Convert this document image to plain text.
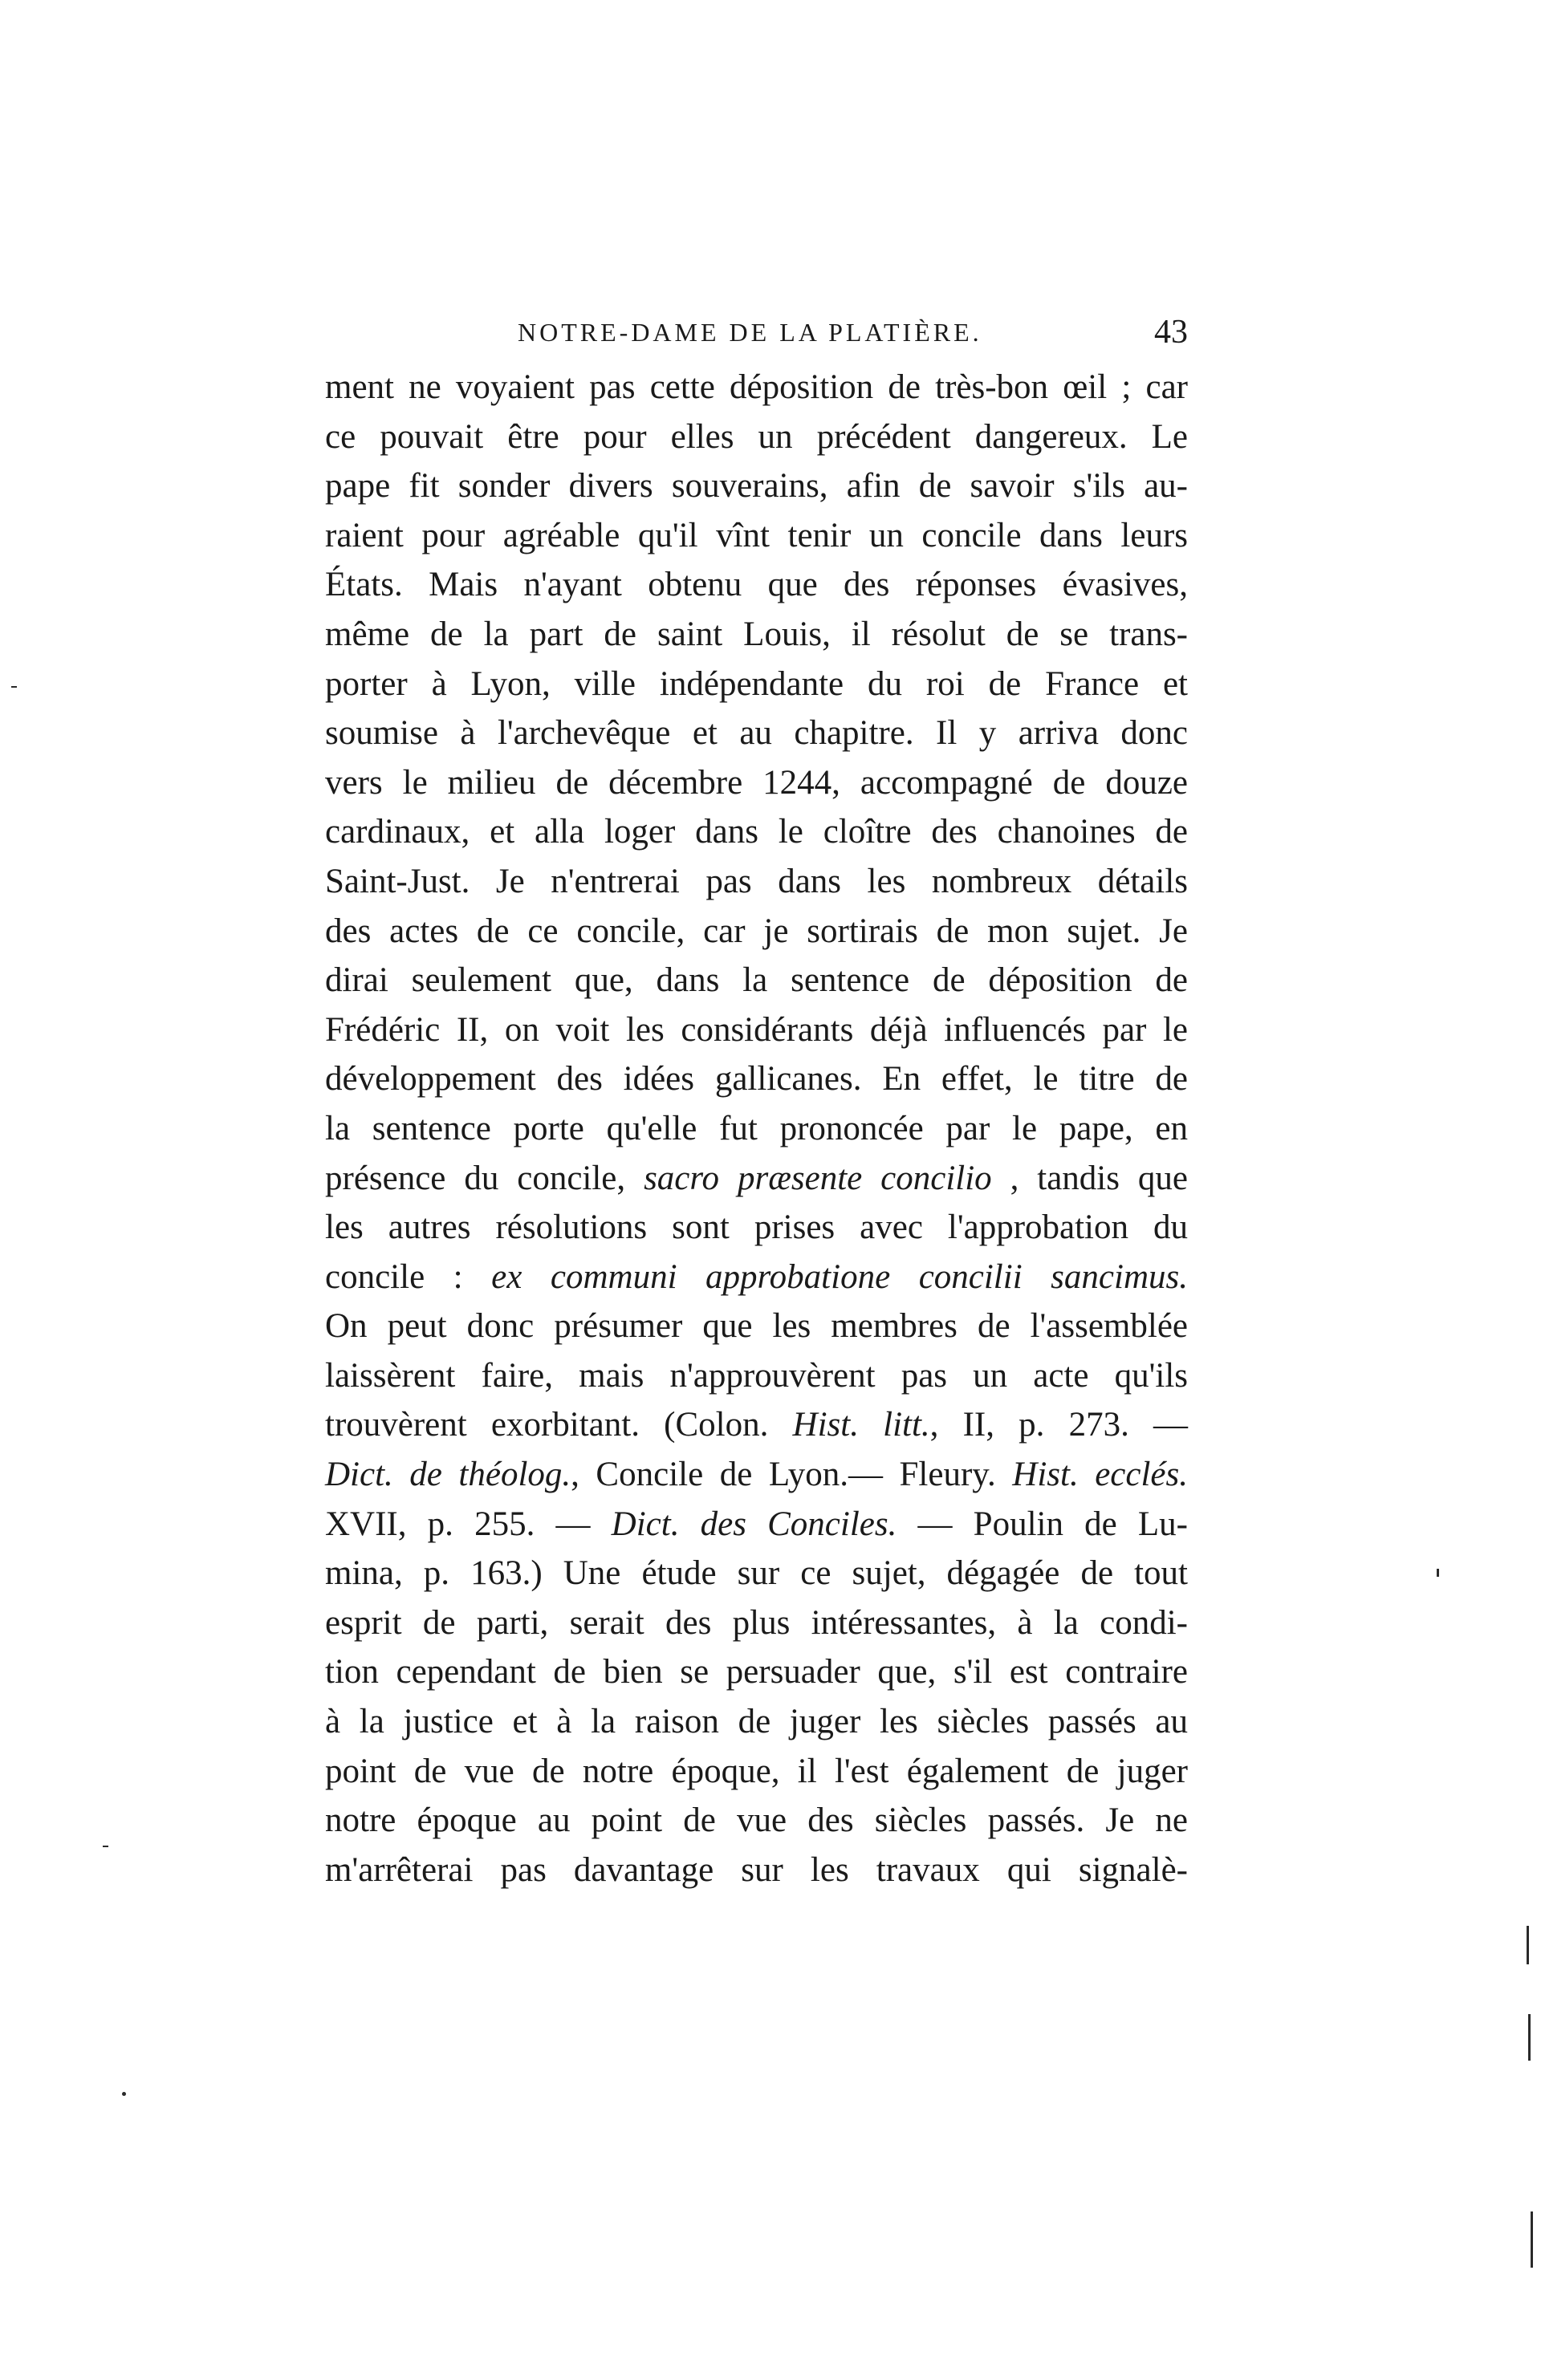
NOTRE-DAME DE LA PLATIÈRE.	43
ment ne voyaient pas cette déposition de très-bon œil ; car
ce pouvait être pour elles un précédent dangereux. Le
pape fit sonder divers souverains, afin de savoir s'ils au-
raient pour agréable qu'il vînt tenir un concile dans leurs
États. Mais n'ayant obtenu que des réponses évasives,
même de la part de saint Louis, il résolut de se trans-
porter à Lyon, ville indépendante du roi de France et
soumise à l'archevêque et au chapitre. Il y arriva donc
vers le milieu de décembre 1244, accompagné de douze
cardinaux, et alla loger dans le cloître des chanoines de
Saint-Just. Je n'entrerai pas dans les nombreux détails
des actes de ce concile, car je sortirais de mon sujet. Je
dirai seulement que, dans la sentence de déposition de
Frédéric II, on voit les considérants déjà influencés par le
développement des idées gallicanes. En effet, le titre de
la sentence porte qu'elle fut prononcée par le pape, en
présence du concile, sacro præsente concilio , tandis que
les autres résolutions sont prises avec l'approbation du
concile : ex communi approbatione concilii sancimus.
On peut donc présumer que les membres de l'assemblée
laissèrent faire, mais n'approuvèrent pas un acte qu'ils
trouvèrent exorbitant. (Colon. Hist. litt., II, p. 273. —
Dict. de théolog., Concile de Lyon.— Fleury. Hist. ecclés.
XVII, p. 255. — Dict. des Conciles. — Poulin de Lu-
mina, p. 163.) Une étude sur ce sujet, dégagée de tout
esprit de parti, serait des plus intéressantes, à la condi-
tion cependant de bien se persuader que, s'il est contraire
à la justice et à la raison de juger les siècles passés au
point de vue de notre époque, il l'est également de juger
notre époque au point de vue des siècles passés. Je ne
m'arrêterai pas davantage sur les travaux qui signalè-
